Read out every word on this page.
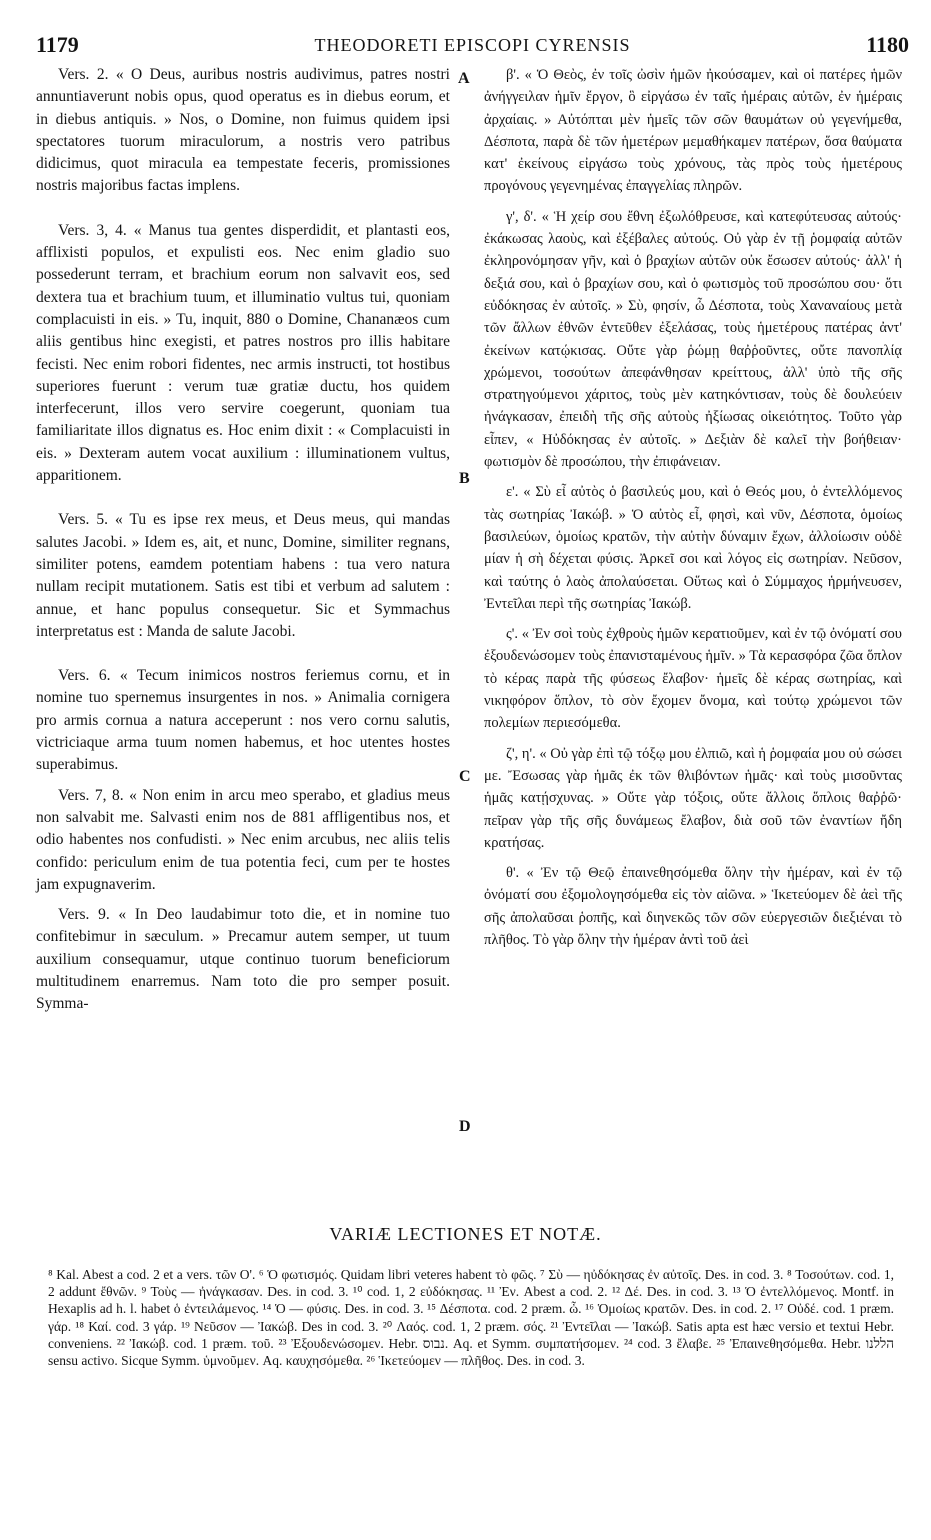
1179	THEODORETI EPISCOPI CYRENSIS	1180

Vers. 2. « O Deus, auribus nostris audivimus, patres nostri annuntiaverunt nobis opus, quod operatus es in diebus eorum, et in diebus antiquis. » Nos, o Domine, non fuimus quidem ipsi spectatores tuorum miraculorum, a nostris vero patribus didicimus, quot miracula ea tempestate feceris, promissiones nostris majoribus factas implens.

Vers. 3, 4. « Manus tua gentes disperdidit, et plantasti eos, afflixisti populos, et expulisti eos. Nec enim gladio suo possederunt terram, et brachium eorum non salvavit eos, sed dextera tua et brachium tuum, et illuminatio vultus tui, quoniam complacuisti in eis. » Tu, inquit, 880 o Domine, Chananæos cum aliis gentibus hinc exegisti, et patres nostros pro illis habitare fecisti. Nec enim robori fidentes, nec armis instructi, tot hostibus superiores fuerunt : verum tuæ gratiæ ductu, hos quidem interfecerunt, illos vero servire coegerunt, quoniam tua familiaritate illos dignatus es. Hoc enim dixit : « Complacuisti in eis. » Dexteram autem vocat auxilium : illuminationem vultus, apparitionem.

Vers. 5. « Tu es ipse rex meus, et Deus meus, qui mandas salutes Jacobi. » Idem es, ait, et nunc, Domine, similiter regnans, similiter potens, eamdem potentiam habens : tua vero natura nullam recipit mutationem. Satis est tibi et verbum ad salutem : annue, et hanc populus consequetur. Sic et Symmachus interpretatus est : Manda de salute Jacobi.

Vers. 6. « Tecum inimicos nostros feriemus cornu, et in nomine tuo spernemus insurgentes in nos. » Animalia cornigera pro armis cornua a natura acceperunt : nos vero cornu salutis, victriciaque arma tuum nomen habemus, et hoc utentes hostes superabimus.

Vers. 7, 8. « Non enim in arcu meo sperabo, et gladius meus non salvabit me. Salvasti enim nos de 881 affligentibus nos, et odio habentes nos confudisti. » Nec enim arcubus, nec aliis telis confido: periculum enim de tua potentia feci, cum per te hostes jam expugnaverim.

Vers. 9. « In Deo laudabimur toto die, et in nomine tuo confitebimur in sæculum. » Precamur autem semper, ut tuum auxilium consequamur, utque continuo tuorum beneficiorum multitudinem enarremus. Nam toto die pro semper posuit. Symma-

A
B
C
D

β'. « Ὁ Θεὸς, ἐν τοῖς ὠσὶν ἡμῶν ἠκούσαμεν, καὶ οἱ πατέρες ἡμῶν ἀνήγγειλαν ἡμῖν ἔργον, ὃ εἰργάσω ἐν ταῖς ἡμέραις αὐτῶν, ἐν ἡμέραις ἀρχαίαις. » Αὐτόπται μὲν ἡμεῖς τῶν σῶν θαυμάτων οὐ γεγενήμεθα, Δέσποτα, παρὰ δὲ τῶν ἡμετέρων μεμαθήκαμεν πατέρων, ὅσα θαύματα κατ' ἐκείνους εἰργάσω τοὺς χρόνους, τὰς πρὸς τοὺς ἡμετέρους προγόνους γεγενημένας ἐπαγγελίας πληρῶν.

γ', δ'. « Ἡ χείρ σου ἔθνη ἐξωλόθρευσε, καὶ κατεφύτευσας αὐτούς· ἐκάκωσας λαοὺς, καὶ ἐξέβαλες αὐτούς. Οὐ γὰρ ἐν τῇ ῥομφαίᾳ αὐτῶν ἐκληρονόμησαν γῆν, καὶ ὁ βραχίων αὐτῶν οὐκ ἔσωσεν αὐτούς· ἀλλ' ἡ δεξιά σου, καὶ ὁ βραχίων σου, καὶ ὁ φωτισμὸς τοῦ προσώπου σου· ὅτι εὐδόκησας ἐν αὐτοῖς. » Σὺ, φησίν, ὦ Δέσποτα, τοὺς Χαναναίους μετὰ τῶν ἄλλων ἐθνῶν ἐντεῦθεν ἐξελάσας, τοὺς ἡμετέρους πατέρας ἀντ' ἐκείνων κατῴκισας. Οὔτε γὰρ ῥώμῃ θαῤῥοῦντες, οὔτε πανοπλίᾳ χρώμενοι, τοσούτων ἀπεφάνθησαν κρείττους, ἀλλ' ὑπὸ τῆς σῆς στρατηγούμενοι χάριτος, τοὺς μὲν κατηκόντισαν, τοὺς δὲ δουλεύειν ἠνάγκασαν, ἐπειδὴ τῆς σῆς αὐτοὺς ἠξίωσας οἰκειότητος. Τοῦτο γὰρ εἶπεν, « Ηὐδόκησας ἐν αὐτοῖς. » Δεξιὰν δὲ καλεῖ τὴν βοήθειαν· φωτισμὸν δὲ προσώπου, τὴν ἐπιφάνειαν.

ε'. « Σὺ εἶ αὐτὸς ὁ βασιλεύς μου, καὶ ὁ Θεός μου, ὁ ἐντελλόμενος τὰς σωτηρίας Ἰακώβ. » Ὁ αὐτὸς εἶ, φησὶ, καὶ νῦν, Δέσποτα, ὁμοίως βασιλεύων, ὁμοίως κρατῶν, τὴν αὐτὴν δύναμιν ἔχων, ἀλλοίωσιν οὐδὲ μίαν ἡ σὴ δέχεται φύσις. Ἀρκεῖ σοι καὶ λόγος εἰς σωτηρίαν. Νεῦσον, καὶ ταύτης ὁ λαὸς ἀπολαύσεται. Οὕτως καὶ ὁ Σύμμαχος ἡρμήνευσεν, Ἐντεῖλαι περὶ τῆς σωτηρίας Ἰακώβ.

ς'. « Ἐν σοὶ τοὺς ἐχθροὺς ἡμῶν κερατιοῦμεν, καὶ ἐν τῷ ὀνόματί σου ἐξουδενώσομεν τοὺς ἐπανισταμένους ἡμῖν. » Τὰ κερασφόρα ζῶα ὅπλον τὸ κέρας παρὰ τῆς φύσεως ἔλαβον· ἡμεῖς δὲ κέρας σωτηρίας, καὶ νικηφόρον ὅπλον, τὸ σὸν ἔχομεν ὄνομα, καὶ τούτῳ χρώμενοι τῶν πολεμίων περιεσόμεθα.

ζ', η'. « Οὐ γὰρ ἐπὶ τῷ τόξῳ μου ἐλπιῶ, καὶ ἡ ῥομφαία μου οὐ σώσει με. Ἔσωσας γὰρ ἡμᾶς ἐκ τῶν θλιβόντων ἡμᾶς· καὶ τοὺς μισοῦντας ἡμᾶς κατῄσχυνας. » Οὔτε γὰρ τόξοις, οὔτε ἄλλοις ὅπλοις θαῤῥῶ· πεῖραν γὰρ τῆς σῆς δυνάμεως ἔλαβον, διὰ σοῦ τῶν ἐναντίων ἤδη κρατήσας.

θ'. « Ἐν τῷ Θεῷ ἐπαινεθησόμεθα ὅλην τὴν ἡμέραν, καὶ ἐν τῷ ὀνόματί σου ἐξομολογησόμεθα εἰς τὸν αἰῶνα. » Ἱκετεύομεν δὲ ἀεὶ τῆς σῆς ἀπολαῦσαι ῥοπῆς, καὶ διηνεκῶς τῶν σῶν εὐεργεσιῶν διεξιέναι τὸ πλῆθος. Τὸ γὰρ ὅλην τὴν ἡμέραν ἀντὶ τοῦ ἀεὶ

VARIÆ LECTIONES ET NOTÆ.

⁸ Kal. Abest a cod. 2 et a vers. τῶν Ο'. ⁶ Ὁ φωτισμός. Quidam libri veteres habent τὸ φῶς. ⁷ Σὺ — ηὐδόκησας ἐν αὐτοῖς. Des. in cod. 3. ⁸ Τοσούτων. cod. 1, 2 addunt ἔθνῶν. ⁹ Τοὺς — ἠνάγκασαν. Des. in cod. 3. ¹⁰ cod. 1, 2 εὐδόκησας. ¹¹ Ἐν. Abest a cod. 2. ¹² Δέ. Des. in cod. 3. ¹³ Ὁ ἐντελλόμενος. Montf. in Hexaplis ad h. l. habet ὁ ἐντειλάμενος. ¹⁴ Ὁ — φύσις. Des. in cod. 3. ¹⁵ Δέσποτα. cod. 2 præm. ὦ. ¹⁶ Ὁμοίως κρατῶν. Des. in cod. 2. ¹⁷ Οὐδέ. cod. 1 præm. γάρ. ¹⁸ Καί. cod. 3 γάρ. ¹⁹ Νεῦσον — Ἰακώβ. Des in cod. 3. ²⁰ Λαός. cod. 1, 2 præm. σός. ²¹ Ἐντεῖλαι — Ἰακώβ. Satis apta est hæc versio et textui Hebr. conveniens. ²² Ἰακώβ. cod. 1 præm. τοῦ. ²³ Ἐξουδενώσομεν. Hebr. נבוס. Aq. et Symm. συμπατήσομεν. ²⁴ cod. 3 ἔλαβε. ²⁵ Ἐπαινεθησόμεθα. Hebr. הללנו sensu activo. Sicque Symm. ὑμνοῦμεν. Aq. καυχησόμεθα. ²⁶ Ἱκετεύομεν — πλῆθος. Des. in cod. 3.
